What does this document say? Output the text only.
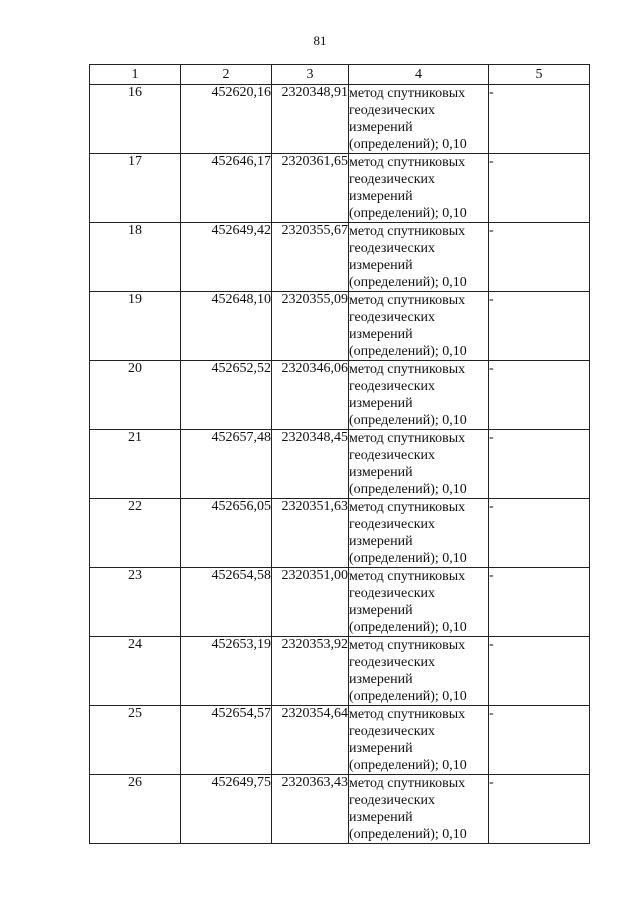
81
1	2	3	4	5
16	452620,16	2320348,91	метод спутниковых
геодезических
измерений
(определений); 0,10	-
17	452646,17	2320361,65	метод спутниковых
геодезических
измерений
(определений); 0,10	-
18	452649,42	2320355,67	метод спутниковых
геодезических
измерений
(определений); 0,10	-
19	452648,10	2320355,09	метод спутниковых
геодезических
измерений
(определений); 0,10	-
20	452652,52	2320346,06	метод спутниковых
геодезических
измерений
(определений); 0,10	-
21	452657,48	2320348,45	метод спутниковых
геодезических
измерений
(определений); 0,10	-
22	452656,05	2320351,63	метод спутниковых
геодезических
измерений
(определений); 0,10	-
23	452654,58	2320351,00	метод спутниковых
геодезических
измерений
(определений); 0,10	-
24	452653,19	2320353,92	метод спутниковых
геодезических
измерений
(определений); 0,10	-
25	452654,57	2320354,64	метод спутниковых
геодезических
измерений
(определений); 0,10	-
26	452649,75	2320363,43	метод спутниковых
геодезических
измерений
(определений); 0,10	-
